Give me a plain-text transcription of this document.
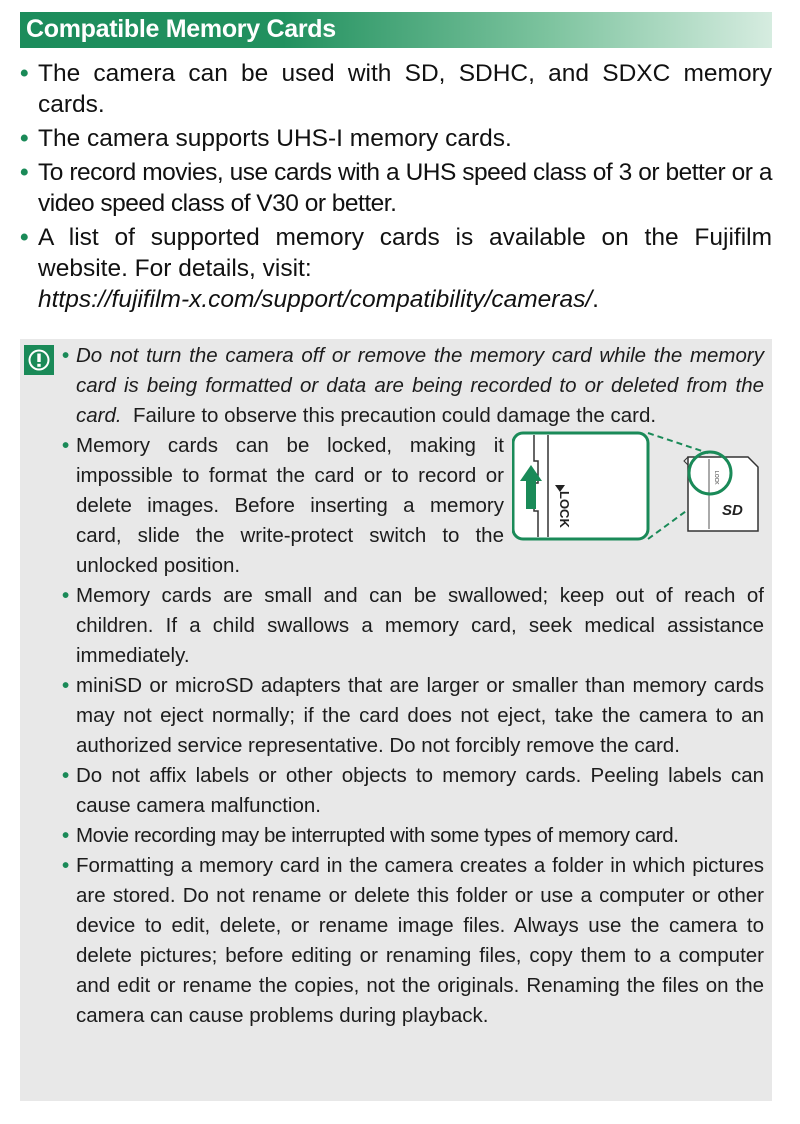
Compatible Memory Cards
• The camera can be used with SD, SDHC, and SDXC memory cards.
• The camera supports UHS-I memory cards.
• To record movies, use cards with a UHS speed class of 3 or better or a video speed class of V30 or better.
• A list of supported memory cards is available on the Fujifilm website. For details, visit:
https://fujifilm-x.com/support/compatibility/cameras/.
• Do not turn the camera off or remove the memory card while the memory card is being formatted or data are being recorded to or deleted from the card. Failure to observe this precaution could damage the card.
• Memory cards can be locked, making it impossible to format the card or to record or delete images. Before inserting a memory card, slide the write-protect switch to the unlocked position.
LOCK
LOCK
SD
• Memory cards are small and can be swallowed; keep out of reach of children. If a child swallows a memory card, seek medical assistance immediately.
• miniSD or microSD adapters that are larger or smaller than memory cards may not eject normally; if the card does not eject, take the camera to an authorized service representative. Do not forcibly remove the card.
• Do not affix labels or other objects to memory cards. Peeling labels can cause camera malfunction.
• Movie recording may be interrupted with some types of memory card.
• Formatting a memory card in the camera creates a folder in which pictures are stored. Do not rename or delete this folder or use a computer or other device to edit, delete, or rename image files. Always use the camera to delete pictures; before editing or renaming files, copy them to a computer and edit or rename the copies, not the originals. Renaming the files on the camera can cause problems during playback.
